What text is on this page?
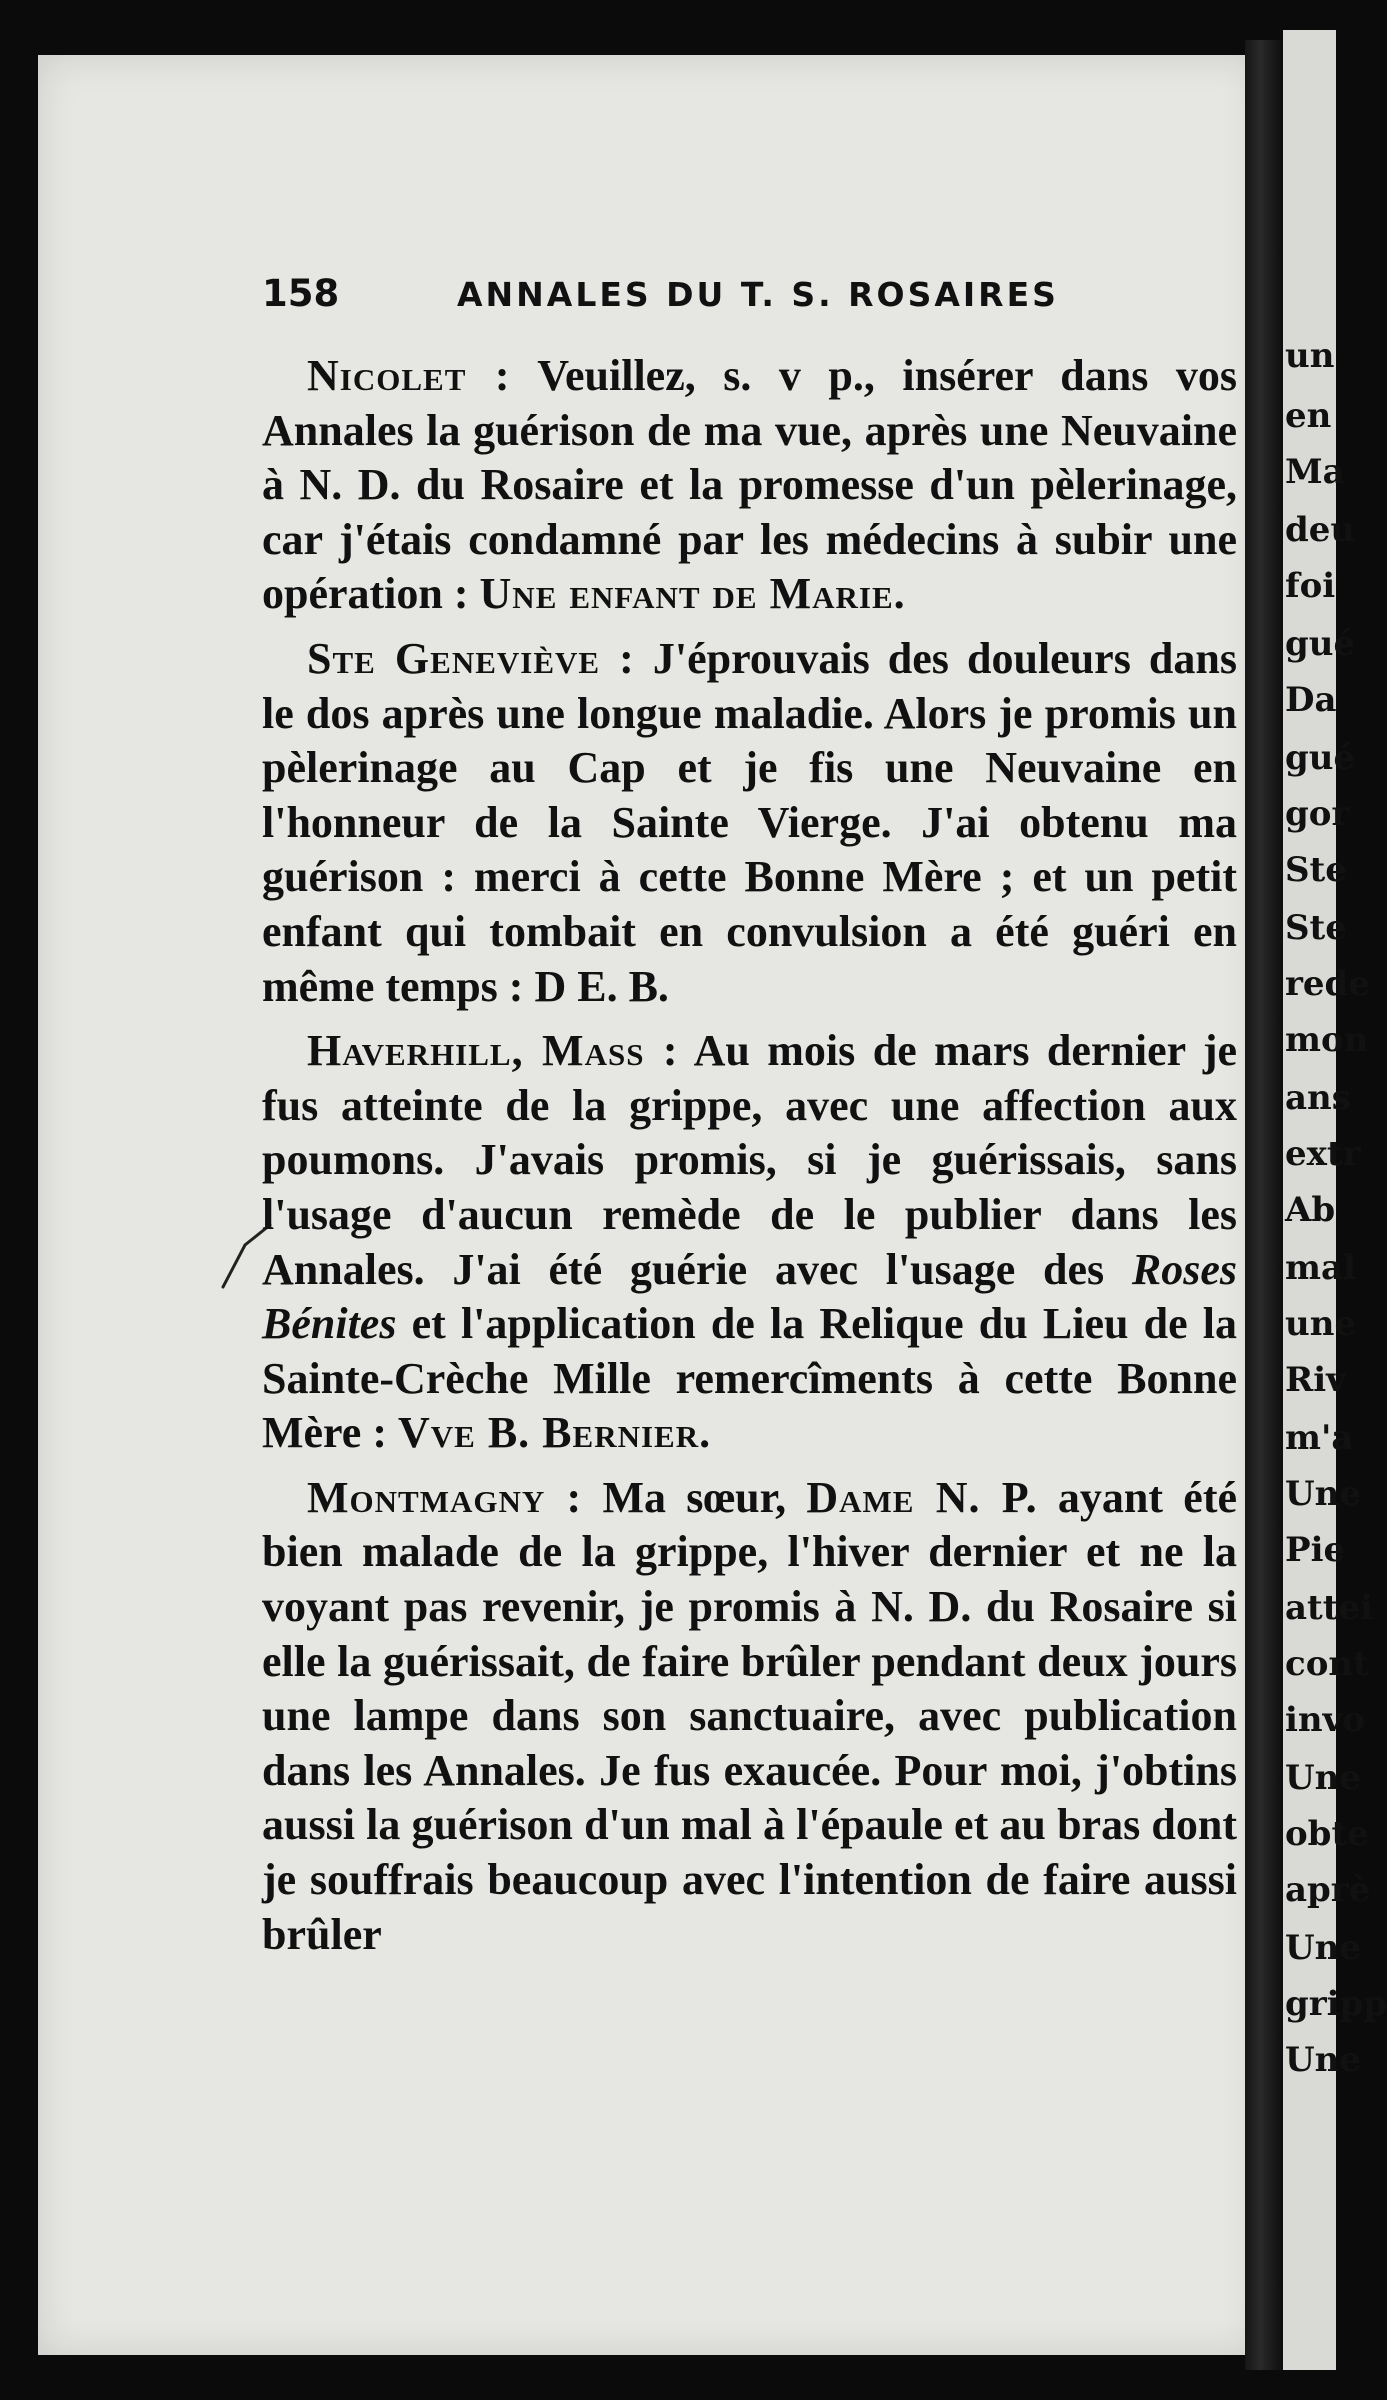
un
en
Ma
deu
foi
gué
Da
gué
gor
Ste
Ste
rede
mon
ans
extr
Ab
mal
une
Riv
m'a
Une
Pie
attei
cont
invo
Une
obte
aprè
Une
gripp
Une
158	ANNALES DU T. S. ROSAIRES

Nicolet : Veuillez, s. v p., insérer dans vos Annales la guérison de ma vue, après une Neuvaine à N. D. du Rosaire et la promesse d'un pèlerinage, car j'étais condamné par les médecins à subir une opération : Une enfant de Marie.

Ste Geneviève : J'éprouvais des douleurs dans le dos après une longue maladie. Alors je promis un pèlerinage au Cap et je fis une Neuvaine en l'honneur de la Sainte Vierge. J'ai obtenu ma guérison : merci à cette Bonne Mère ; et un petit enfant qui tombait en convulsion a été guéri en même temps : D E. B.

Haverhill, Mass : Au mois de mars dernier je fus atteinte de la grippe, avec une affection aux poumons. J'avais promis, si je guérissais, sans l'usage d'aucun remède de le publier dans les Annales. J'ai été guérie avec l'usage des Roses Bénites et l'application de la Relique du Lieu de la Sainte-Crèche Mille remercîments à cette Bonne Mère : Vve B. Bernier.

Montmagny : Ma sœur, Dame N. P. ayant été bien malade de la grippe, l'hiver dernier et ne la voyant pas revenir, je promis à N. D. du Rosaire si elle la guérissait, de faire brûler pendant deux jours une lampe dans son sanctuaire, avec publication dans les Annales. Je fus exaucée. Pour moi, j'obtins aussi la guérison d'un mal à l'épaule et au bras dont je souffrais beaucoup avec l'intention de faire aussi brûler
